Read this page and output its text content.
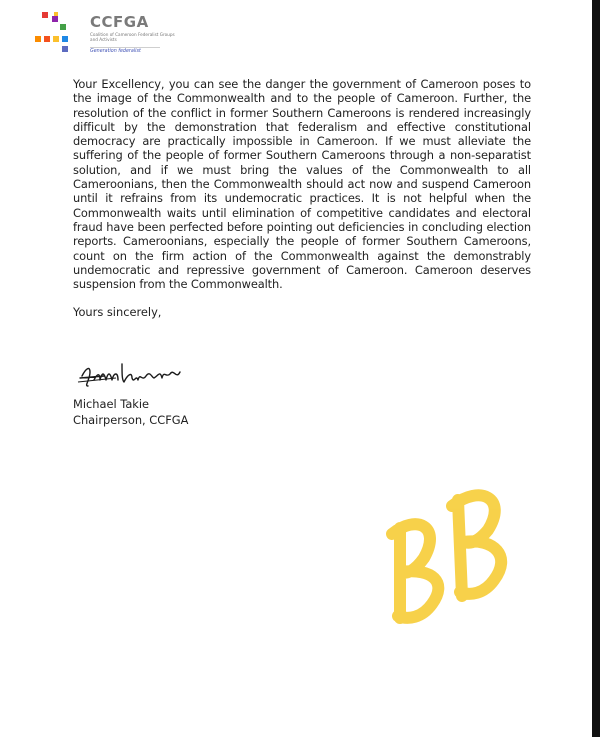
CCFGA
Coalition of Cameroon Federalist Groups and Activists
Generation federalist

Your Excellency, you can see the danger the government of Cameroon poses to the image of the Commonwealth and to the people of Cameroon. Further, the resolution of the conflict in former Southern Cameroons is rendered increasingly difficult by the demonstration that federalism and effective constitutional democracy are practically impossible in Cameroon. If we must alleviate the suffering of the people of former Southern Cameroons through a non-separatist solution, and if we must bring the values of the Commonwealth to all Cameroonians, then the Commonwealth should act now and suspend Cameroon until it refrains from its undemocratic practices. It is not helpful when the Commonwealth waits until elimination of competitive candidates and electoral fraud have been perfected before pointing out deficiencies in concluding election reports. Cameroonians, especially the people of former Southern Cameroons, count on the firm action of the Commonwealth against the demonstrably undemocratic and repressive government of Cameroon. Cameroon deserves suspension from the Commonwealth.

Yours sincerely,

Michael Takie

Chairperson, CCFGA
